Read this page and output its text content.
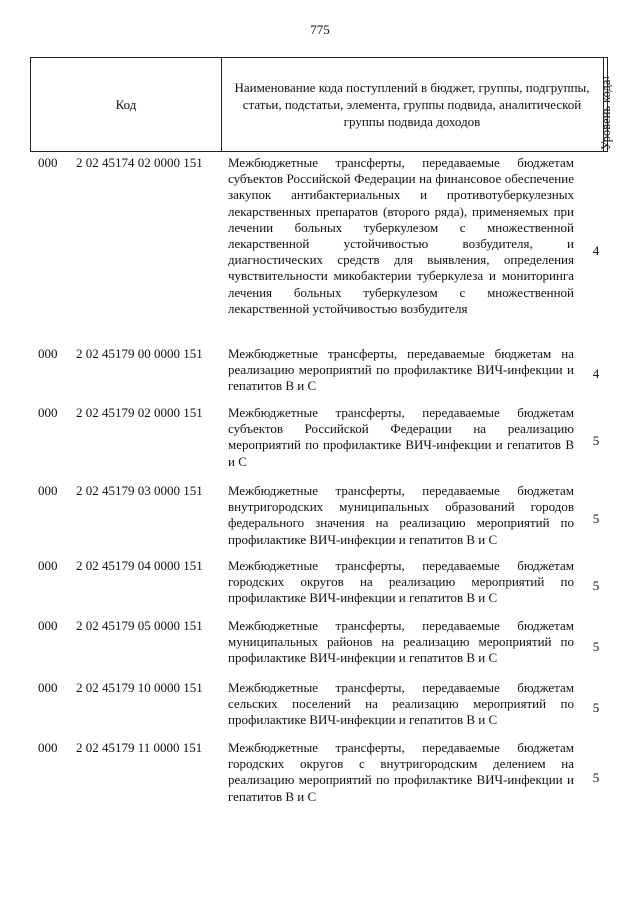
775
Код
Наименование кода поступлений в бюджет, группы, подгруппы, статьи, подстатьи, элемента, группы подвида, аналитической группы подвида доходов	Уровень кода
1
000 2 02 45174 02 0000 151 Межбюджетные трансферты, передаваемые бюджетам субъектов Российской Федерации на финансовое обеспечение закупок антибактериальных и противотуберкулезных лекарственных препаратов (второго ряда), применяемых при лечении больных туберкулезом с множественной лекарственной устойчивостью возбудителя, и диагностических средств для выявления, определения чувствительности микобактерии туберкулеза и мониторинга лечения больных туберкулезом с множественной лекарственной устойчивостью возбудителя
4
000 2 02 45179 00 0000 151 Межбюджетные трансферты, передаваемые бюджетам на реализацию мероприятий по профилактике ВИЧ-инфекции и гепатитов В и С
4
000 2 02 45179 02 0000 151 Межбюджетные трансферты, передаваемые бюджетам субъектов Российской Федерации на реализацию мероприятий по профилактике ВИЧ-инфекции и гепатитов В и С
5
000 2 02 45179 03 0000 151 Межбюджетные трансферты, передаваемые бюджетам внутригородских муниципальных образований городов федерального значения на реализацию мероприятий по профилактике ВИЧ-инфекции и гепатитов В и С
5
000 2 02 45179 04 0000 151 Межбюджетные трансферты, передаваемые бюджетам городских округов на реализацию мероприятий по профилактике ВИЧ-инфекции и гепатитов В и С
5
000 2 02 45179 05 0000 151 Межбюджетные трансферты, передаваемые бюджетам муниципальных районов на реализацию мероприятий по профилактике ВИЧ-инфекции и гепатитов В и С
5
000 2 02 45179 10 0000 151 Межбюджетные трансферты, передаваемые бюджетам сельских поселений на реализацию мероприятий по профилактике ВИЧ-инфекции и гепатитов В и С
5
000 2 02 45179 11 0000 151 Межбюджетные трансферты, передаваемые бюджетам городских округов с внутригородским делением на реализацию мероприятий по профилактике ВИЧ-инфекции и гепатитов В и С
5
